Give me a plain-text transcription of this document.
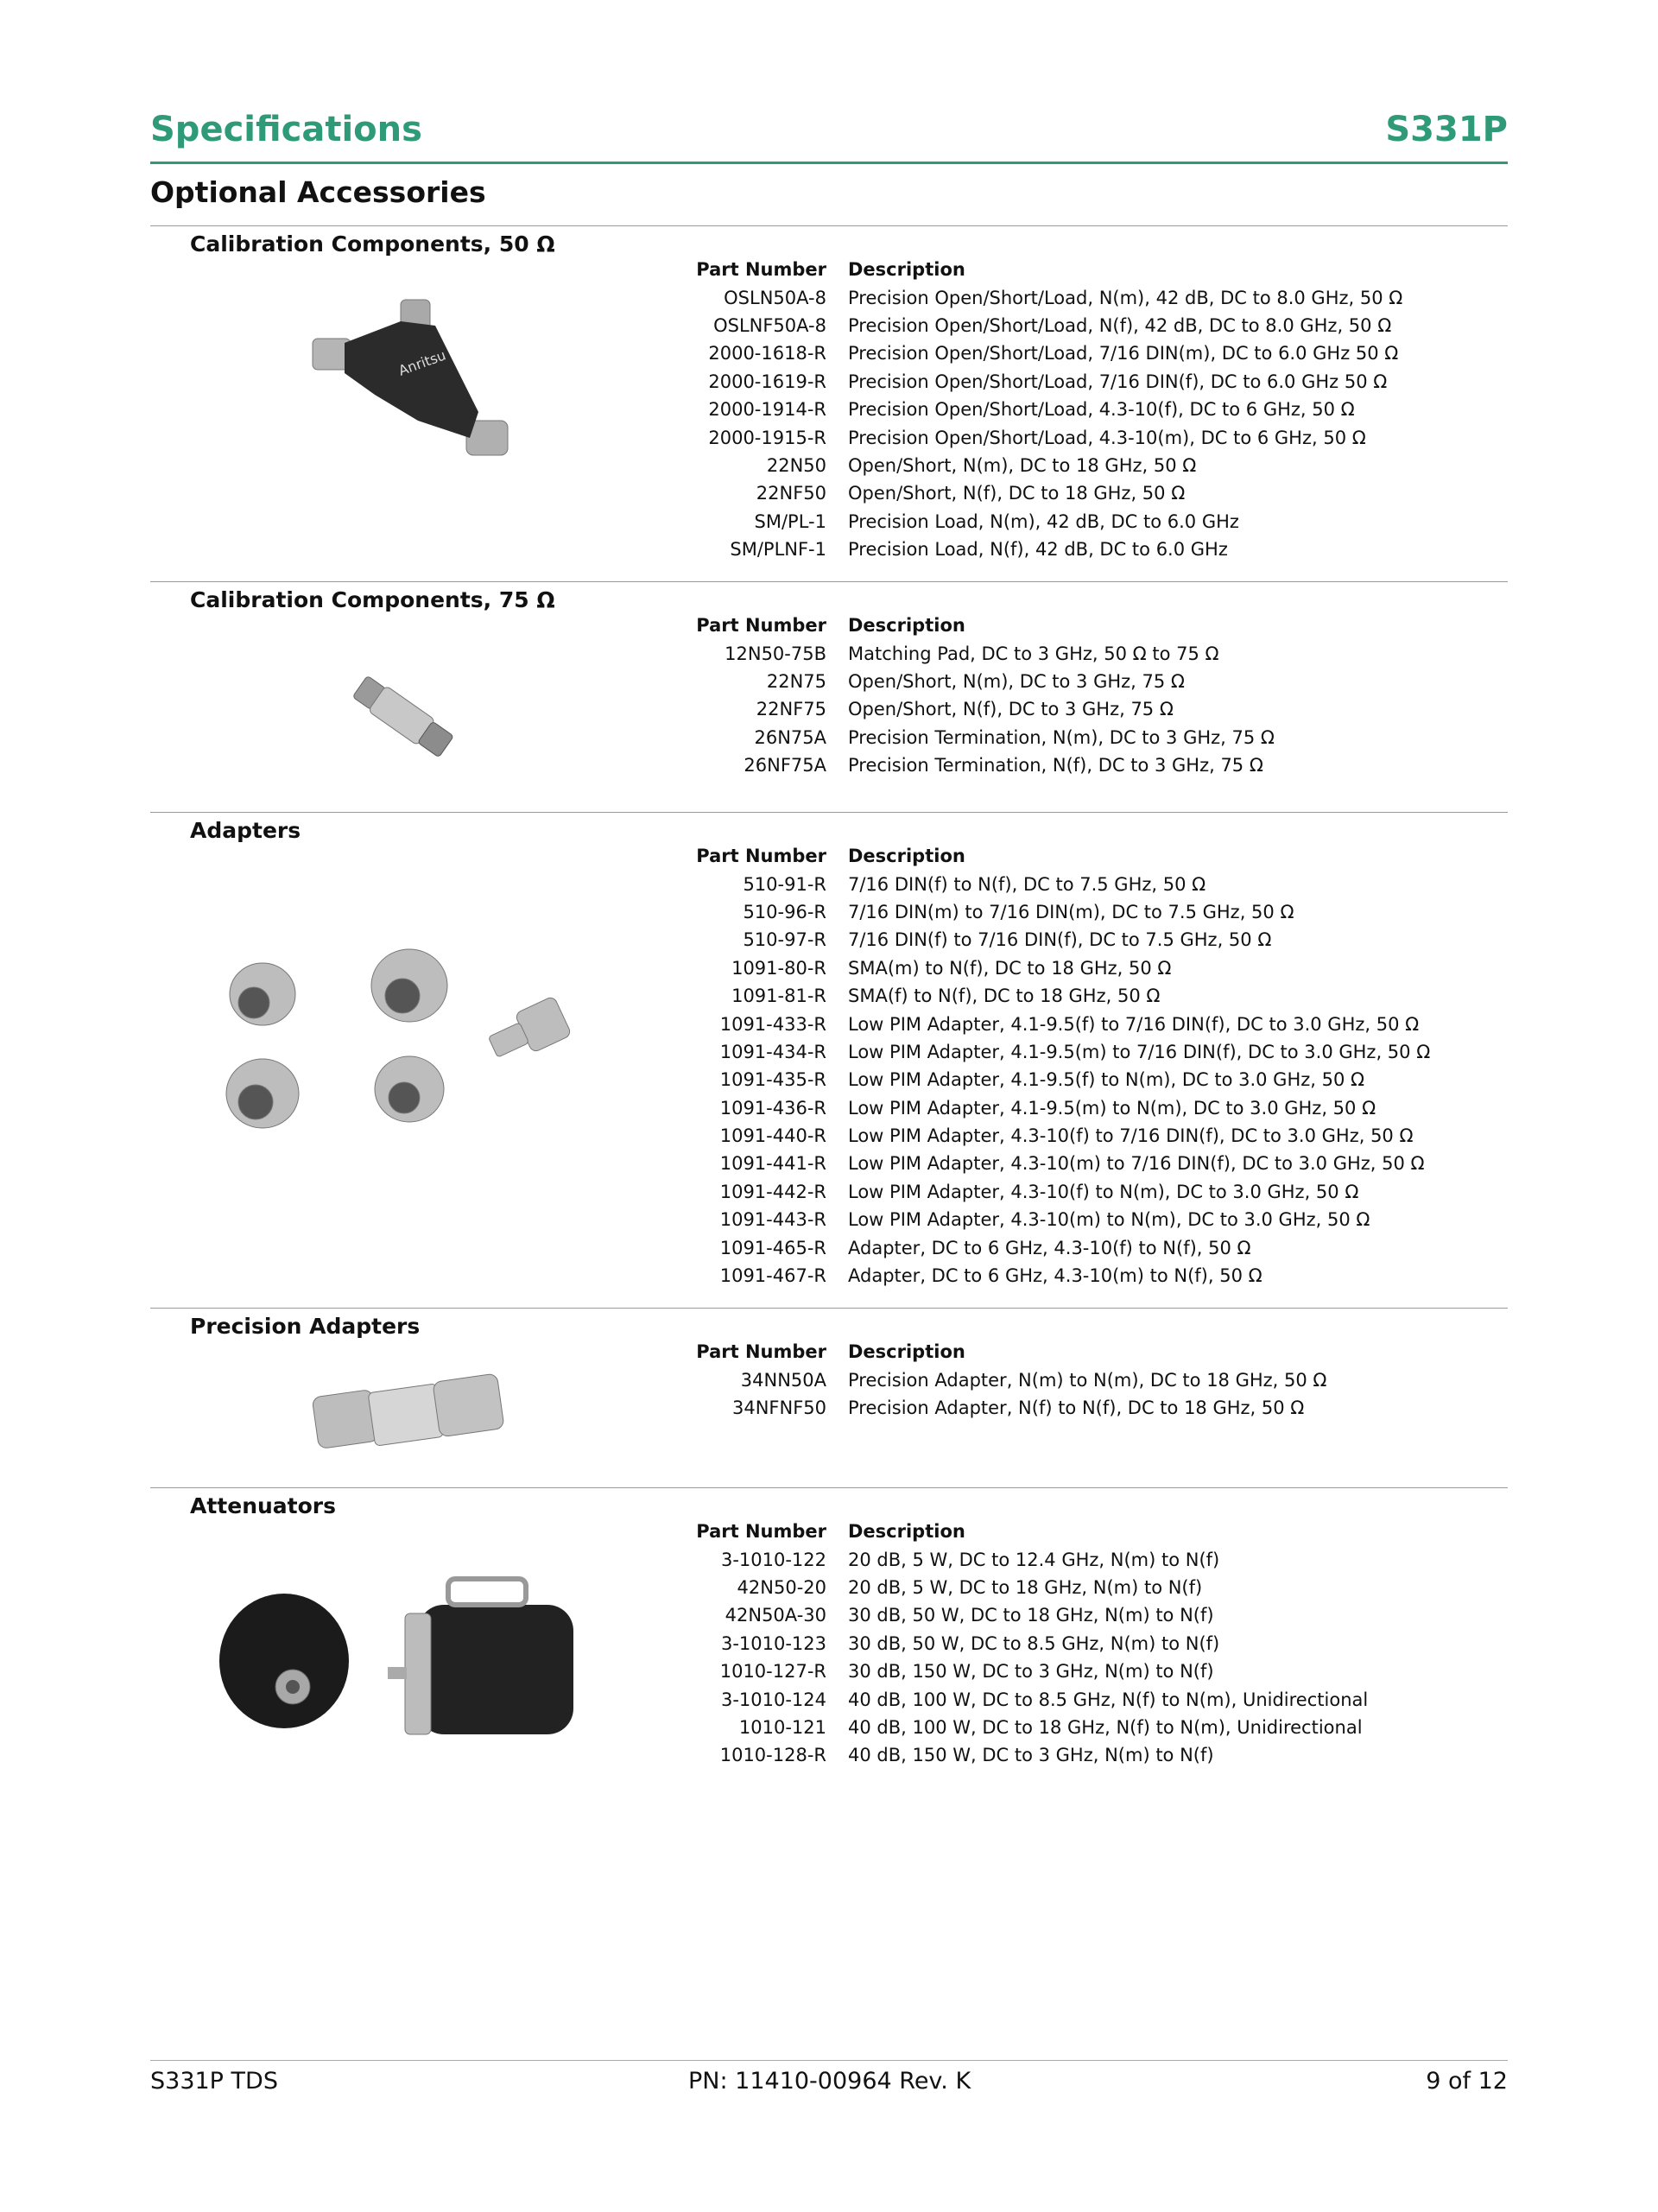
Specifications	S331P
Optional Accessories
Calibration Components, 50 Ω
Anritsu
Part Number	Description
OSLN50A-8	Precision Open/Short/Load, N(m), 42 dB, DC to 8.0 GHz, 50 Ω
OSLNF50A-8	Precision Open/Short/Load, N(f), 42 dB, DC to 8.0 GHz, 50 Ω
2000-1618-R	Precision Open/Short/Load, 7/16 DIN(m), DC to 6.0 GHz 50 Ω
2000-1619-R	Precision Open/Short/Load, 7/16 DIN(f), DC to 6.0 GHz 50 Ω
2000-1914-R	Precision Open/Short/Load, 4.3-10(f), DC to 6 GHz, 50 Ω
2000-1915-R	Precision Open/Short/Load, 4.3-10(m), DC to 6 GHz, 50 Ω
22N50	Open/Short, N(m), DC to 18 GHz, 50 Ω
22NF50	Open/Short, N(f), DC to 18 GHz, 50 Ω
SM/PL-1	Precision Load, N(m), 42 dB, DC to 6.0 GHz
SM/PLNF-1	Precision Load, N(f), 42 dB, DC to 6.0 GHz
Calibration Components, 75 Ω
Part Number	Description
12N50-75B	Matching Pad, DC to 3 GHz, 50 Ω to 75 Ω
22N75	Open/Short, N(m), DC to 3 GHz, 75 Ω
22NF75	Open/Short, N(f), DC to 3 GHz, 75 Ω
26N75A	Precision Termination, N(m), DC to 3 GHz, 75 Ω
26NF75A	Precision Termination, N(f), DC to 3 GHz, 75 Ω
Adapters
Part Number	Description
510-91-R	7/16 DIN(f) to N(f), DC to 7.5 GHz, 50 Ω
510-96-R	7/16 DIN(m) to 7/16 DIN(m), DC to 7.5 GHz, 50 Ω
510-97-R	7/16 DIN(f) to 7/16 DIN(f), DC to 7.5 GHz, 50 Ω
1091-80-R	SMA(m) to N(f), DC to 18 GHz, 50 Ω
1091-81-R	SMA(f) to N(f), DC to 18 GHz, 50 Ω
1091-433-R	Low PIM Adapter, 4.1-9.5(f) to 7/16 DIN(f), DC to 3.0 GHz, 50 Ω
1091-434-R	Low PIM Adapter, 4.1-9.5(m) to 7/16 DIN(f), DC to 3.0 GHz, 50 Ω
1091-435-R	Low PIM Adapter, 4.1-9.5(f) to N(m), DC to 3.0 GHz, 50 Ω
1091-436-R	Low PIM Adapter, 4.1-9.5(m) to N(m), DC to 3.0 GHz, 50 Ω
1091-440-R	Low PIM Adapter, 4.3-10(f) to 7/16 DIN(f), DC to 3.0 GHz, 50 Ω
1091-441-R	Low PIM Adapter, 4.3-10(m) to 7/16 DIN(f), DC to 3.0 GHz, 50 Ω
1091-442-R	Low PIM Adapter, 4.3-10(f) to N(m), DC to 3.0 GHz, 50 Ω
1091-443-R	Low PIM Adapter, 4.3-10(m) to N(m), DC to 3.0 GHz, 50 Ω
1091-465-R	Adapter, DC to 6 GHz, 4.3-10(f) to N(f), 50 Ω
1091-467-R	Adapter, DC to 6 GHz, 4.3-10(m) to N(f), 50 Ω
Precision Adapters
Part Number	Description
34NN50A	Precision Adapter, N(m) to N(m), DC to 18 GHz, 50 Ω
34NFNF50	Precision Adapter, N(f) to N(f), DC to 18 GHz, 50 Ω
Attenuators
Part Number	Description
3-1010-122	20 dB, 5 W, DC to 12.4 GHz, N(m) to N(f)
42N50-20	20 dB, 5 W, DC to 18 GHz, N(m) to N(f)
42N50A-30	30 dB, 50 W, DC to 18 GHz, N(m) to N(f)
3-1010-123	30 dB, 50 W, DC to 8.5 GHz, N(m) to N(f)
1010-127-R	30 dB, 150 W, DC to 3 GHz, N(m) to N(f)
3-1010-124	40 dB, 100 W, DC to 8.5 GHz, N(f) to N(m), Unidirectional
1010-121	40 dB, 100 W, DC to 18 GHz, N(f) to N(m), Unidirectional
1010-128-R	40 dB, 150 W, DC to 3 GHz, N(m) to N(f)
S331P TDS	PN: 11410-00964 Rev. K	9 of 12
